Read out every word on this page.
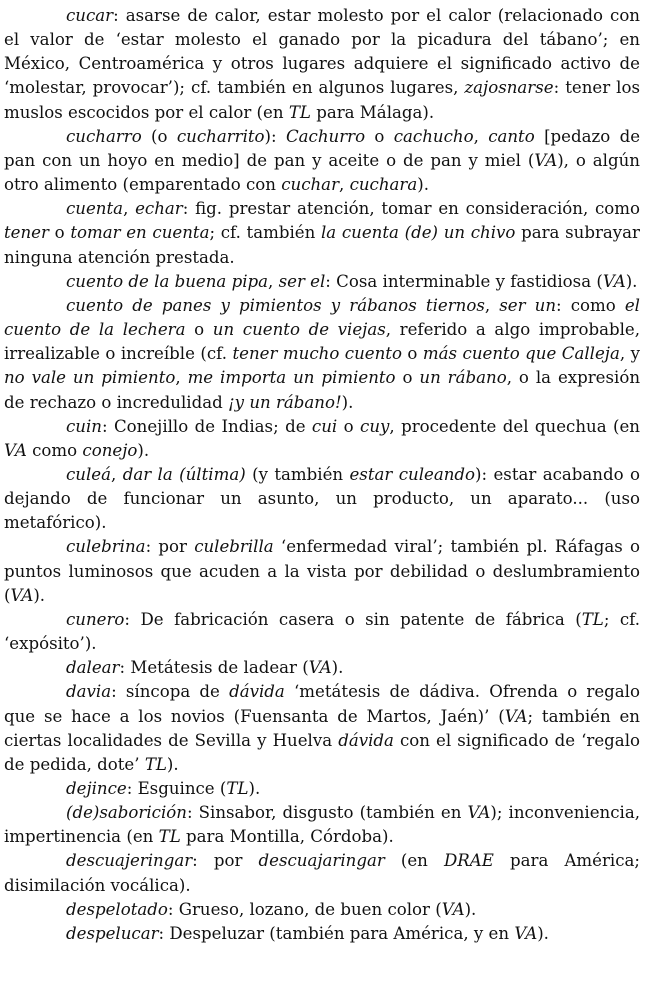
cucar: asarse de calor, estar molesto por el calor (relacionado con el valor de ‘estar molesto el ganado por la picadura del tábano’; en México, Centroamérica y otros lugares adquiere el significado activo de ‘molestar, provocar’); cf. también en algunos lugares, zajosnarse: tener los muslos escocidos por el calor (en TL para Málaga).

cucharro (o cucharrito): Cachurro o cachucho, canto [pedazo de pan con un hoyo en medio] de pan y aceite o de pan y miel (VA), o algún otro alimento (emparentado con cuchar, cuchara).

cuenta, echar: fig. prestar atención, tomar en consideración, como tener o tomar en cuenta; cf. también la cuenta (de) un chivo para subrayar ninguna atención prestada.

cuento de la buena pipa, ser el: Cosa interminable y fastidiosa (VA).

cuento de panes y pimientos y rábanos tiernos, ser un: como el cuento de la lechera o un cuento de viejas, referido a algo improbable, irrealizable o increíble (cf. tener mucho cuento o más cuento que Calleja, y no vale un pimiento, me importa un pimiento o un rábano, o la expresión de rechazo o incredulidad ¡y un rábano!).

cuin: Conejillo de Indias; de cui o cuy, procedente del quechua (en VA como conejo).

culeá, dar la (última) (y también estar culeando): estar acabando o dejando de funcionar un asunto, un producto, un aparato... (uso metafórico).

culebrina: por culebrilla ‘enfermedad viral’; también pl. Ráfagas o puntos luminosos que acuden a la vista por debilidad o deslumbramiento (VA).

cunero: De fabricación casera o sin patente de fábrica (TL; cf. ‘expósito’).

dalear: Metátesis de ladear (VA).

davia: síncopa de dávida ‘metátesis de dádiva. Ofrenda o regalo que se hace a los novios (Fuensanta de Martos, Jaén)’ (VA; también en ciertas localidades de Sevilla y Huelva dávida con el significado de ‘regalo de pedida, dote’ TL).

dejince: Esguince (TL).

(de)saborición: Sinsabor, disgusto (también en VA); inconveniencia, impertinencia (en TL para Montilla, Córdoba).

descuajeringar: por descuajaringar (en DRAE para América; disimilación vocálica).

despelotado: Grueso, lozano, de buen color (VA).

despelucar: Despeluzar (también para América, y en VA).
